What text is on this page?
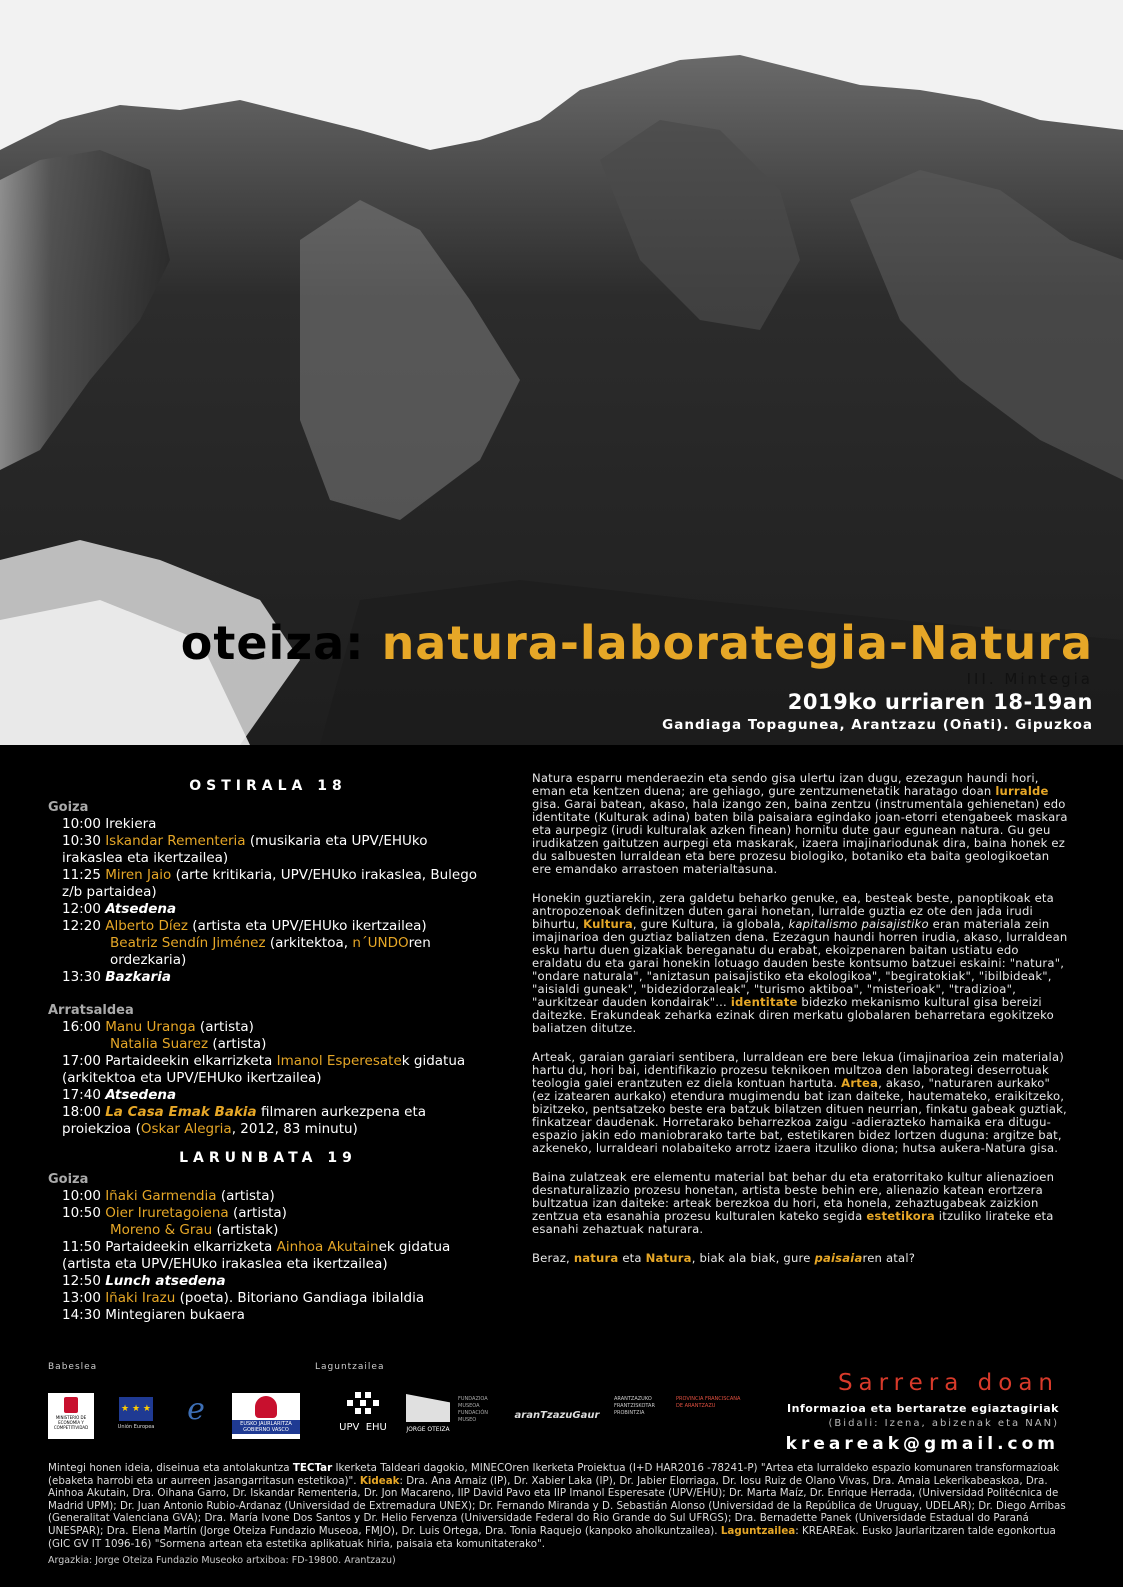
oteiza: natura-laborategia-Natura
III. Mintegia
2019ko urriaren 18-19an
Gandiaga Topagunea, Arantzazu (Oñati). Gipuzkoa
OSTIRALA 18
Goiza
10:00 Irekiera
10:30 Iskandar Rementeria (musikaria eta UPV/EHUko irakaslea eta ikertzailea)
11:25 Miren Jaio (arte kritikaria, UPV/EHUko irakaslea, Bulego z/b partaidea)
12:00 Atsedena
12:20 Alberto Díez (artista eta UPV/EHUko ikertzailea)
Beatriz Sendín Jiménez (arkitektoa, n´UNDOren ordezkaria)
13:30 Bazkaria
Arratsaldea
16:00 Manu Uranga (artista)
Natalia Suarez (artista)
17:00 Partaideekin elkarrizketa Imanol Esperesatek gidatua (arkitektoa eta UPV/EHUko ikertzailea)
17:40 Atsedena
18:00 La Casa Emak Bakia filmaren aurkezpena eta proiekzioa (Oskar Alegria, 2012, 83 minutu)
LARUNBATA 19
Goiza
10:00 Iñaki Garmendia (artista)
10:50 Oier Iruretagoiena (artista)
Moreno & Grau (artistak)
11:50 Partaideekin elkarrizketa Ainhoa Akutainek gidatua (artista eta UPV/EHUko irakaslea eta ikertzailea)
12:50 Lunch atsedena
13:00 Iñaki Irazu (poeta). Bitoriano Gandiaga ibilaldia
14:30 Mintegiaren bukaera

Natura esparru menderaezin eta sendo gisa ulertu izan dugu, ezezagun haundi hori, eman eta kentzen duena; are gehiago, gure zentzumenetatik haratago doan lurralde gisa. Garai batean, akaso, hala izango zen, baina zentzu (instrumentala gehienetan) edo identitate (Kulturak adina) baten bila paisaiara egindako joan-etorri etengabeek maskara eta aurpegiz (irudi kulturalak azken finean) hornitu dute gaur egunean natura. Gu geu irudikatzen gaitutzen aurpegi eta maskarak, izaera imajinariodunak dira, baina honek ez du salbuesten lurraldean eta bere prozesu biologiko, botaniko eta baita geologikoetan ere emandako arrastoen materialtasuna.

Honekin guztiarekin, zera galdetu beharko genuke, ea, besteak beste, panoptikoak eta antropozenoak definitzen duten garai honetan, lurralde guztia ez ote den jada irudi bihurtu, Kultura, gure Kultura, ia globala, kapitalismo paisajistiko eran materiala zein imajinarioa den guztiaz baliatzen dena. Ezezagun haundi horren irudia, akaso, lurraldean esku hartu duen gizakiak bereganatu du erabat, ekoizpenaren baitan ustiatu edo eraldatu du eta garai honekin lotuago dauden beste kontsumo batzuei eskaini: "natura", "ondare naturala", "aniztasun paisajistiko eta ekologikoa", "begiratokiak", "ibilbideak", "aisialdi guneak", "bidezidorzaleak", "turismo aktiboa", "misterioak", "tradizioa", "aurkitzear dauden kondairak"... identitate bidezko mekanismo kultural gisa bereizi daitezke. Erakundeak zeharka ezinak diren merkatu globalaren beharretara egokitzeko baliatzen ditutze.

Arteak, garaian garaiari sentibera, lurraldean ere bere lekua (imajinarioa zein materiala) hartu du, hori bai, identifikazio prozesu teknikoen multzoa den laborategi deserrotuak teologia gaiei erantzuten ez diela kontuan hartuta. Artea, akaso, "naturaren aurkako" (ez izatearen aurkako) etendura mugimendu bat izan daiteke, hautemateko, eraikitzeko, bizitzeko, pentsatzeko beste era batzuk bilatzen dituen neurrian, finkatu gabeak guztiak, finkatzear daudenak. Horretarako beharrezkoa zaigu -adierazteko hamaika era ditugu- espazio jakin edo maniobrarako tarte bat, estetikaren bidez lortzen duguna: argitze bat, azkeneko, lurraldeari nolabaiteko arrotz izaera itzuliko diona; hutsa aukera-Natura gisa.

Baina zulatzeak ere elementu material bat behar du eta eratorritako kultur alienazioen desnaturalizazio prozesu honetan, artista beste behin ere, alienazio katean erortzera bultzatua izan daiteke: arteak berezkoa du hori, eta honela, zehaztugabeak zaizkion zentzua eta esanahia prozesu kulturalen kateko segida estetikora itzuliko lirateke eta esanahi zehaztuak naturara.

Beraz, natura eta Natura, biak ala biak, gure paisaiaren atal?

Babeslea	Laguntzailea
MINISTERIO DE ECONOMÍA Y COMPETITIVIDAD
★ ★ ★
Unión Europea	e	EUSKO JAURLARITZA GOBIERNO VASCO	UPV EHU	JORGE OTEIZA
FUNDAZIOA MUSEOA FUNDACIÓN MUSEO	aranTzazuGaur
ARANTZAZUKO FRANTZISKOTAR PROBINTZIA
PROVINCIA FRANCISCANA DE ARANTZAZU
Sarrera doan
Informazioa eta bertaratze egiaztagiriak
(Bidali: Izena, abizenak eta NAN)
kreareak@gmail.com
Mintegi honen ideia, diseinua eta antolakuntza TECTar Ikerketa Taldeari dagokio, MINECOren Ikerketa Proiektua (I+D HAR2016 -78241-P) "Artea eta lurraldeko espazio komunaren transformazioak (ebaketa harrobi eta ur aurreen jasangarritasun estetikoa)". Kideak: Dra. Ana Arnaiz (IP), Dr. Xabier Laka (IP), Dr. Jabier Elorriaga, Dr. Iosu Ruiz de Olano Vivas, Dra. Amaia Lekerikabeaskoa, Dra. Ainhoa Akutain, Dra. Oihana Garro, Dr. Iskandar Rementeria, Dr. Jon Macareno, IIP David Pavo eta IIP Imanol Esperesate (UPV/EHU); Dr. Marta Maíz, Dr. Enrique Herrada, (Universidad Politécnica de Madrid UPM); Dr. Juan Antonio Rubio-Ardanaz (Universidad de Extremadura UNEX); Dr. Fernando Miranda y D. Sebastián Alonso (Universidad de la República de Uruguay, UDELAR); Dr. Diego Arribas (Generalitat Valenciana GVA); Dra. María Ivone Dos Santos y Dr. Helio Fervenza (Universidade Federal do Rio Grande do Sul UFRGS); Dra. Bernadette Panek (Universidade Estadual do Paraná UNESPAR); Dra. Elena Martín (Jorge Oteiza Fundazio Museoa, FMJO), Dr. Luis Ortega, Dra. Tonia Raquejo (kanpoko aholkuntzailea). Laguntzailea: KREAREak. Eusko Jaurlaritzaren talde egonkortua (GIC GV IT 1096-16) "Sormena artean eta estetika aplikatuak hiria, paisaia eta komunitaterako".
Argazkia: Jorge Oteiza Fundazio Museoko artxiboa: FD-19800. Arantzazu)
